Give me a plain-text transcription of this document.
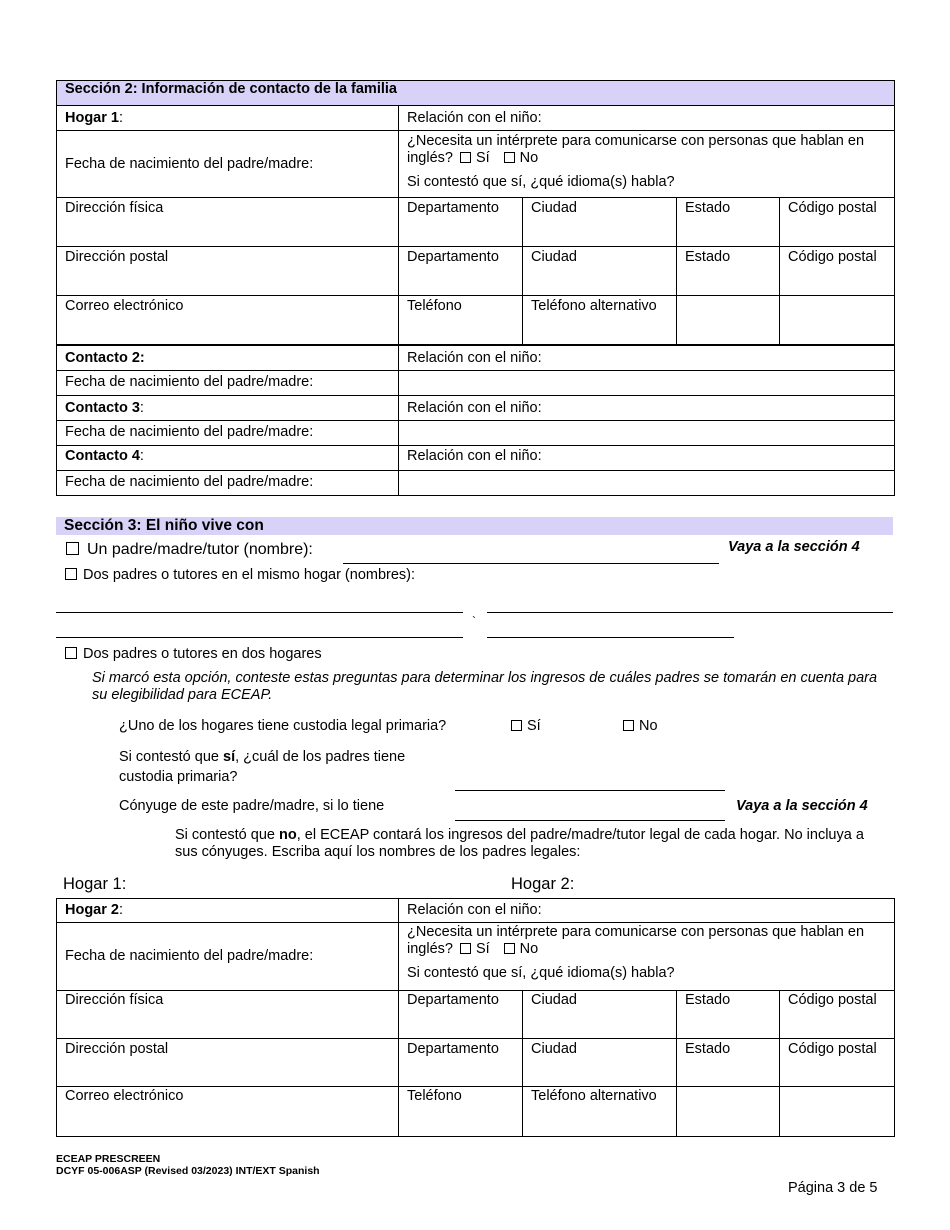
Sección 2: Información de contacto de la familia				
Hogar 1:	Relación con el niño:			
Fecha de nacimiento del padre/madre:	¿Necesita un intérprete para comunicarse con personas que hablan en inglés? Sí No
Si contestó que sí, ¿qué idioma(s) habla?			

Dirección física	Departamento	Ciudad	Estado	Código postal
Dirección postal	Departamento	Ciudad	Estado	Código postal
Correo electrónico	Teléfono	Teléfono alternativo		
Contacto 2:	Relación con el niño:
Fecha de nacimiento del padre/madre:	
Contacto 3:	Relación con el niño:
Fecha de nacimiento del padre/madre:	
Contacto 4:	Relación con el niño:
Fecha de nacimiento del padre/madre:	
Sección 3: El niño vive con
Un padre/madre/tutor (nombre):	Vaya a la sección 4
Dos padres o tutores en el mismo hogar (nombres):
`
Dos padres o tutores en dos hogares
Si marcó esta opción, conteste estas preguntas para determinar los ingresos de cuáles padres se tomarán en cuenta para su elegibilidad para ECEAP.
¿Uno de los hogares tiene custodia legal primaria?	Sí	No
Si contestó que sí, ¿cuál de los padres tiene custodia primaria?
Cónyuge de este padre/madre, si lo tiene	Vaya a la sección 4
Si contestó que no, el ECEAP contará los ingresos del padre/madre/tutor legal de cada hogar. No incluya a sus cónyuges. Escriba aquí los nombres de los padres legales:
Hogar 1:	Hogar 2:
Hogar 2:	Relación con el niño:			
Fecha de nacimiento del padre/madre:	¿Necesita un intérprete para comunicarse con personas que hablan en inglés? Sí No
Si contestó que sí, ¿qué idioma(s) habla?			

Dirección física	Departamento	Ciudad	Estado	Código postal
Dirección postal	Departamento	Ciudad	Estado	Código postal
Correo electrónico	Teléfono	Teléfono alternativo		
ECEAP PRESCREEN
DCYF 05-006ASP (Revised 03/2023) INT/EXT Spanish
Página 3 de 5
